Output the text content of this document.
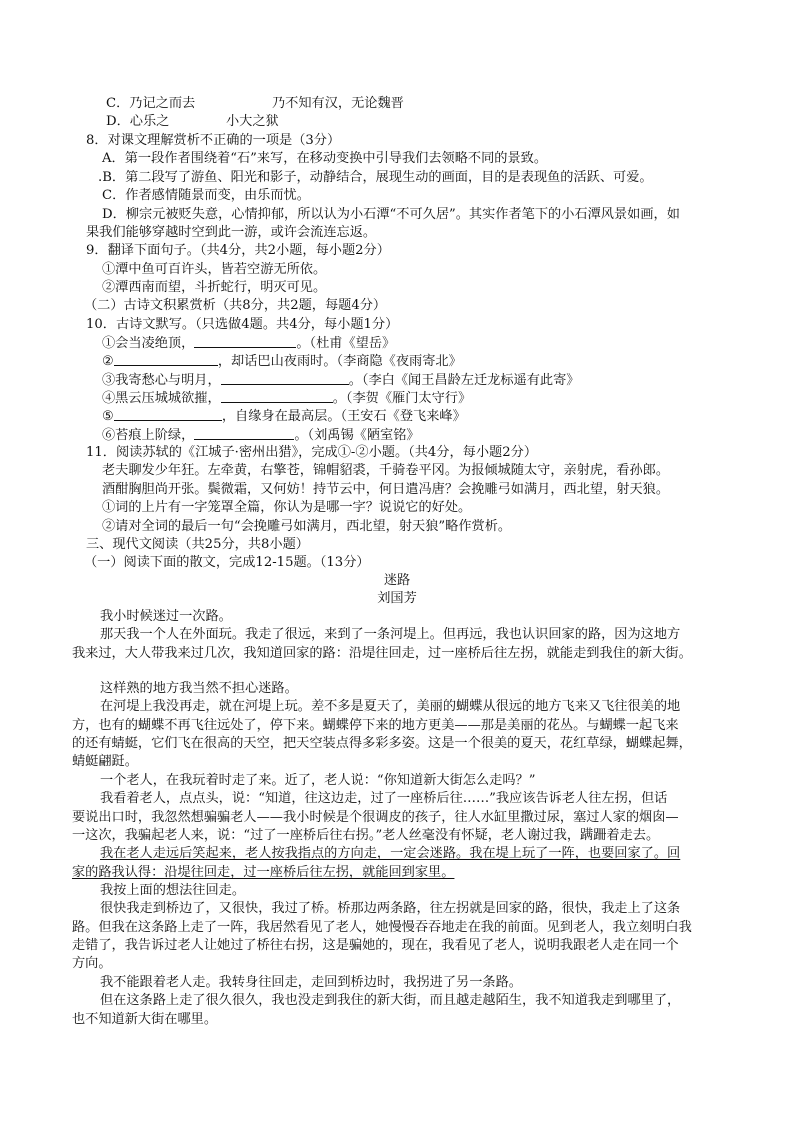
C．乃记之而去	乃不知有汉，无论魏晋
D．心乐之	小大之狱
8．对课文理解赏析不正确的一项是（3分）
A．第一段作者围绕着“石”来写，在移动变换中引导我们去领略不同的景致。
.B．第二段写了游鱼、阳光和影子，动静结合，展现生动的画面，目的是表现鱼的活跃、可爱。
C．作者感情随景而变，由乐而忧。
D．柳宗元被贬失意，心情抑郁，所以认为小石潭“不可久居”。其实作者笔下的小石潭风景如画，如
果我们能够穿越时空到此一游，或许会流连忘返。
9．翻译下面句子。（共4分，共2小题，每小题2分）
①潭中鱼可百许头，皆若空游无所依。
②潭西南而望，斗折蛇行，明灭可见。
（二）古诗文积累赏析（共8分，共2题，每题4分）
10．古诗文默写。（只选做4题。共4分，每小题1分）
①会当凌绝顶，	。（杜甫《望岳》
②	，却话巴山夜雨时。（李商隐《夜雨寄北》
③我寄愁心与明月，	。（李白《闻王昌龄左迁龙标遥有此寄》
④黑云压城城欲摧，	。（李贺《雁门太守行》
⑤	，自缘身在最高层。（王安石《登飞来峰》
⑥苔痕上阶绿，	。（刘禹锡《陋室铭》
11．阅读苏轼的《江城子·密州出猎》，完成①-②小题。（共4分，每小题2分）
老夫聊发少年狂。左牵黄，右擎苍，锦帽貂裘，千骑卷平冈。为报倾城随太守，亲射虎，看孙郎。
酒酣胸胆尚开张。鬓微霜，又何妨！持节云中，何日遣冯唐？会挽雕弓如满月，西北望，射天狼。
①词的上片有一字笼罩全篇，你认为是哪一字？说说它的好处。
②请对全词的最后一句“会挽雕弓如满月，西北望，射天狼”略作赏析。
三、现代文阅读（共25分，共8小题）
（一）阅读下面的散文，完成12-15题。（13分）
迷路
刘国芳
我小时候迷过一次路。
那天我一个人在外面玩。我走了很远，来到了一条河堤上。但再远，我也认识回家的路，因为这地方
我来过，大人带我来过几次，我知道回家的路：沿堤往回走，过一座桥后往左拐，就能走到我住的新大街。
这样熟的地方我当然不担心迷路。
在河堤上我没再走，就在河堤上玩。差不多是夏天了，美丽的蝴蝶从很远的地方飞来又飞往很美的地
方，也有的蝴蝶不再飞往远处了，停下来。蝴蝶停下来的地方更美——那是美丽的花丛。与蝴蝶一起飞来
的还有蜻蜓，它们飞在很高的天空，把天空装点得多彩多姿。这是一个很美的夏天，花红草绿，蝴蝶起舞，
蜻蜓翩跹。
一个老人，在我玩着时走了来。近了，老人说：“你知道新大街怎么走吗？”
我看着老人，点点头，说：“知道，往这边走，过了一座桥后往……”我应该告诉老人往左拐，但话
要说出口时，我忽然想骗骗老人——我小时候是个很调皮的孩子，往人水缸里撒过尿，塞过人家的烟囱—
一这次，我骗起老人来，说：“过了一座桥后往右拐。”老人丝毫没有怀疑，老人谢过我，蹒跚着走去。
我在老人走远后笑起来，老人按我指点的方向走，一定会迷路。我在堤上玩了一阵，也要回家了。回
家的路我认得：沿堤往回走，过一座桥后往左拐，就能回到家里。
我按上面的想法往回走。
很快我走到桥边了，又很快，我过了桥。桥那边两条路，往左拐就是回家的路，很快，我走上了这条
路。但我在这条路上走了一阵，我居然看见了老人，她慢慢吞吞地走在我的前面。见到老人，我立刻明白我
走错了，我告诉过老人让她过了桥往右拐，这是骗她的，现在，我看见了老人，说明我跟老人走在同一个
方向。
我不能跟着老人走。我转身往回走，走回到桥边时，我拐进了另一条路。
但在这条路上走了很久很久，我也没走到我住的新大街，而且越走越陌生，我不知道我走到哪里了，
也不知道新大街在哪里。
